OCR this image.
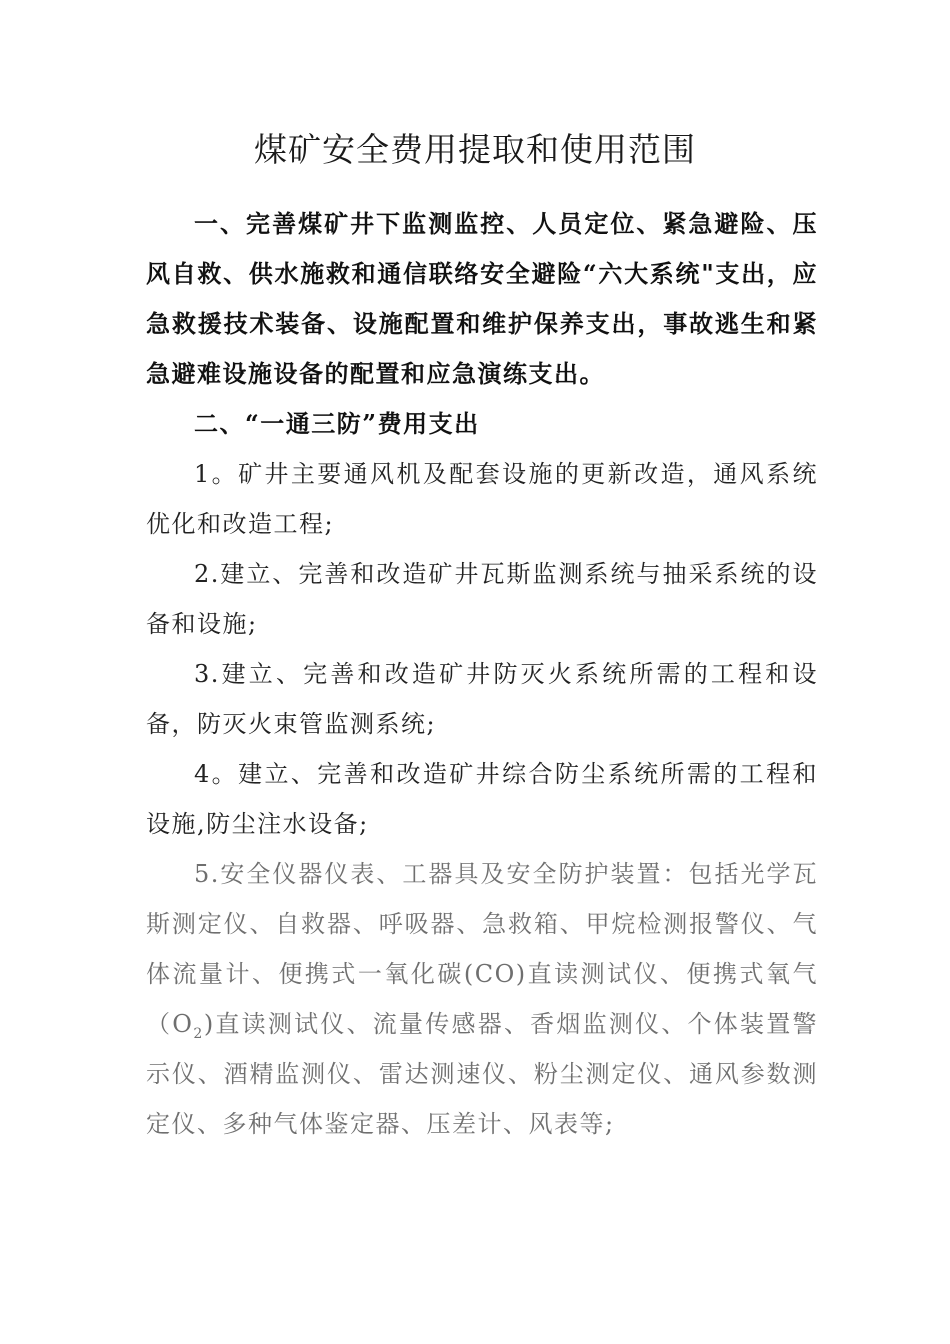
煤矿安全费用提取和使用范围

一、完善煤矿井下监测监控、人员定位、紧急避险、压风自救、供水施救和通信联络安全避险“六大系统"支出，应急救援技术装备、设施配置和维护保养支出，事故逃生和紧急避难设施设备的配置和应急演练支出。

二、“一通三防”费用支出

1。矿井主要通风机及配套设施的更新改造，通风系统优化和改造工程;

2.建立、完善和改造矿井瓦斯监测系统与抽采系统的设备和设施;

3.建立、完善和改造矿井防灭火系统所需的工程和设备，防灭火束管监测系统;

4。建立、完善和改造矿井综合防尘系统所需的工程和设施,防尘注水设备;

5.安全仪器仪表、工器具及安全防护装置：包括光学瓦斯测定仪、自救器、呼吸器、急救箱、甲烷检测报警仪、气体流量计、便携式一氧化碳(CO)直读测试仪、便携式氧气$(O_2)$直读测试仪、流量传感器、香烟监测仪、个体装置警示仪、酒精监测仪、雷达测速仪、粉尘测定仪、通风参数测定仪、多种气体鉴定器、压差计、风表等;
